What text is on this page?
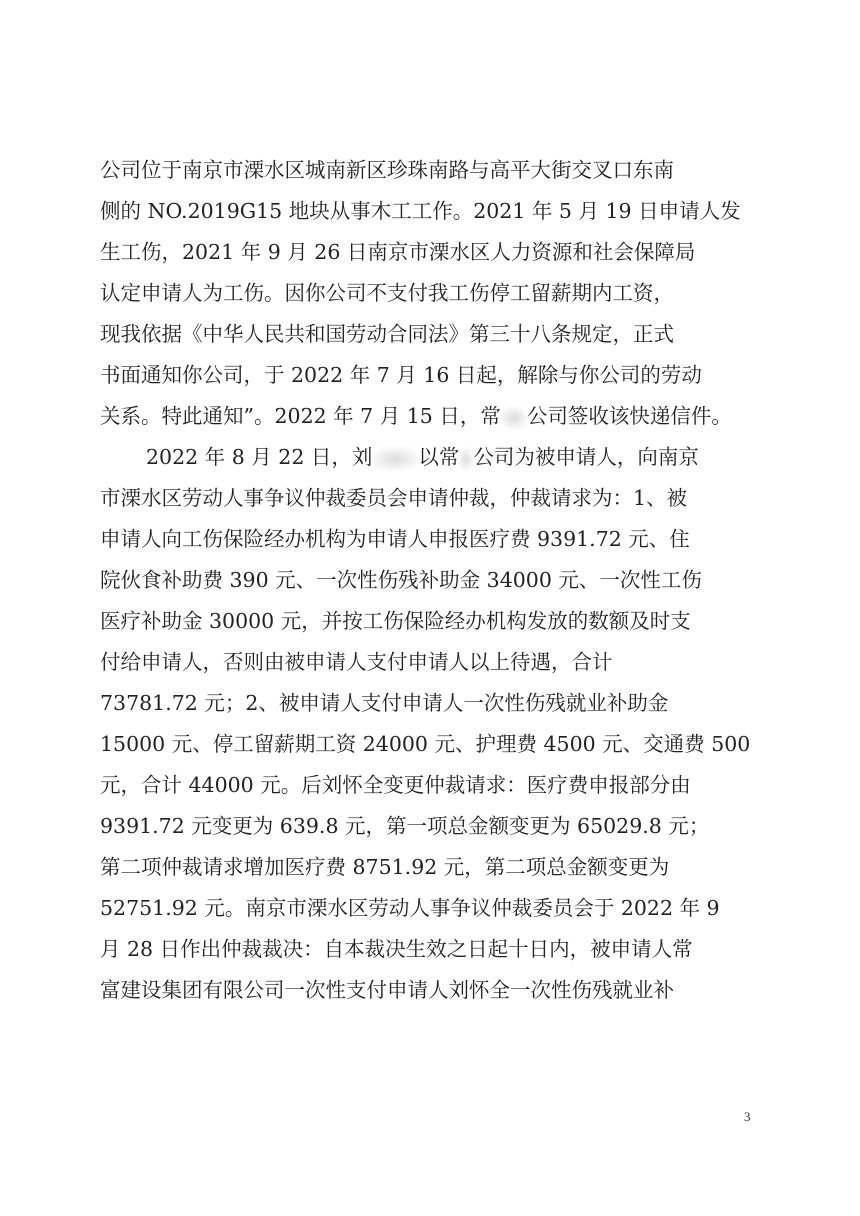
公司位于南京市溧水区城南新区珍珠南路与高平大街交叉口东南
侧的 NO.2019G15 地块从事木工工作。2021 年 5 月 19 日申请人发
生工伤，2021 年 9 月 26 日南京市溧水区人力资源和社会保障局
认定申请人为工伤。因你公司不支付我工伤停工留薪期内工资，
现我依据《中华人民共和国劳动合同法》第三十八条规定，正式
书面通知你公司，于 2022 年 7 月 16 日起，解除与你公司的劳动
关系。特此通知”。2022 年 7 月 15 日，常 公司签收该快递信件。
2022 年 8 月 22 日，刘 以常 公司为被申请人，向南京
市溧水区劳动人事争议仲裁委员会申请仲裁，仲裁请求为：1、被
申请人向工伤保险经办机构为申请人申报医疗费 9391.72 元、住
院伙食补助费 390 元、一次性伤残补助金 34000 元、一次性工伤
医疗补助金 30000 元，并按工伤保险经办机构发放的数额及时支
付给申请人，否则由被申请人支付申请人以上待遇，合计
73781.72 元；2、被申请人支付申请人一次性伤残就业补助金
15000 元、停工留薪期工资 24000 元、护理费 4500 元、交通费 500
元，合计 44000 元。后刘怀全变更仲裁请求：医疗费申报部分由
9391.72 元变更为 639.8 元，第一项总金额变更为 65029.8 元；
第二项仲裁请求增加医疗费 8751.92 元，第二项总金额变更为
52751.92 元。南京市溧水区劳动人事争议仲裁委员会于 2022 年 9
月 28 日作出仲裁裁决：自本裁决生效之日起十日内，被申请人常
富建设集团有限公司一次性支付申请人刘怀全一次性伤残就业补
3
